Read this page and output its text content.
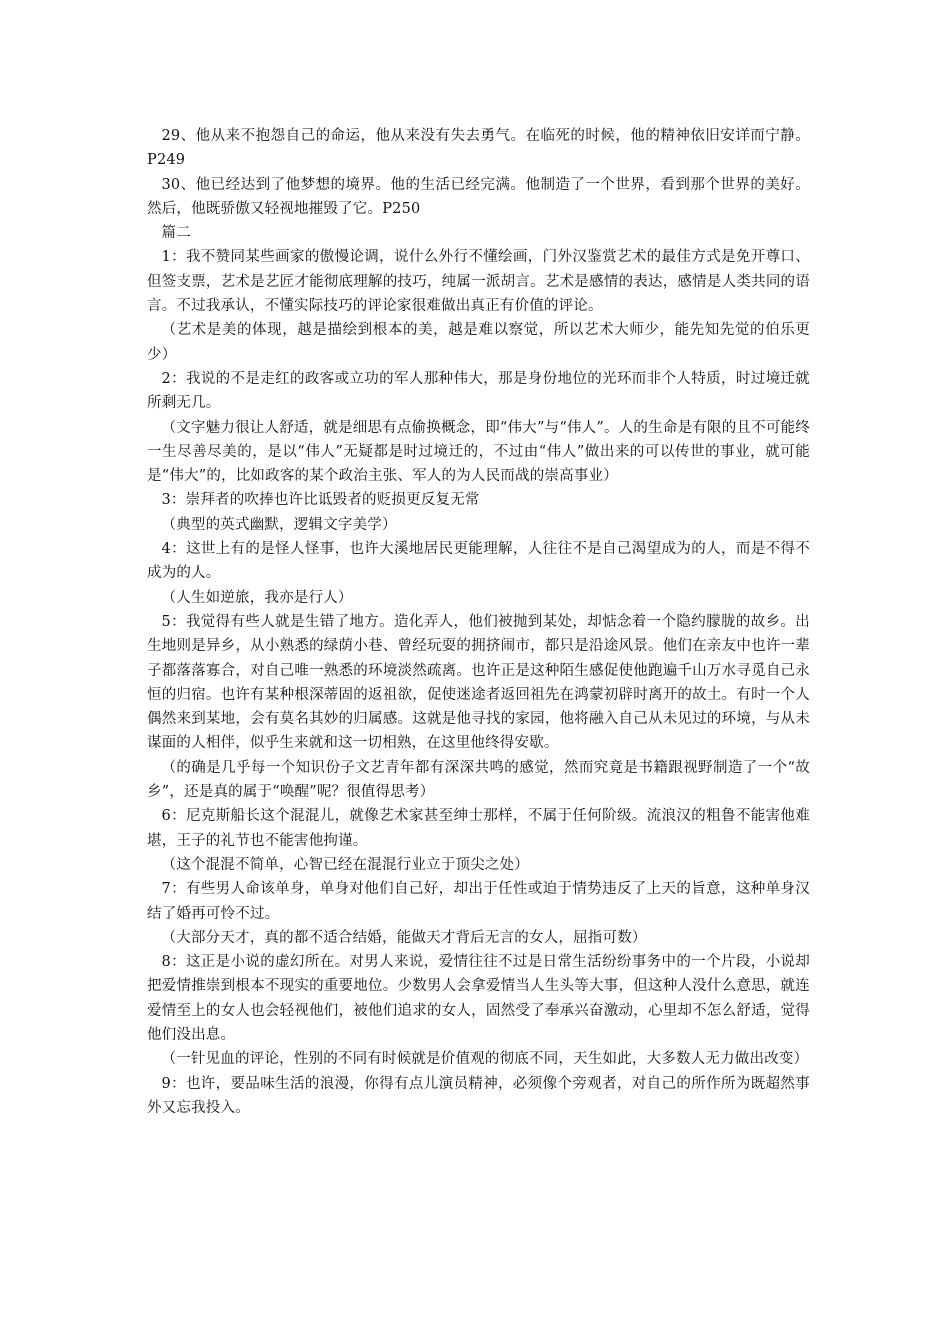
29、他从来不抱怨自己的命运，他从来没有失去勇气。在临死的时候，他的精神依旧安详而宁静。P249

30、他已经达到了他梦想的境界。他的生活已经完满。他制造了一个世界，看到那个世界的美好。然后，他既骄傲又轻视地摧毁了它。P250

篇二

1：我不赞同某些画家的傲慢论调，说什么外行不懂绘画，门外汉鉴赏艺术的最佳方式是免开尊口、但签支票，艺术是艺匠才能彻底理解的技巧，纯属一派胡言。艺术是感情的表达，感情是人类共同的语言。不过我承认，不懂实际技巧的评论家很难做出真正有价值的评论。

（艺术是美的体现，越是描绘到根本的美，越是难以察觉，所以艺术大师少，能先知先觉的伯乐更少）

2：我说的不是走红的政客或立功的军人那种伟大，那是身份地位的光环而非个人特质，时过境迁就所剩无几。

（文字魅力很让人舒适，就是细思有点偷换概念，即“伟大”与“伟人”。人的生命是有限的且不可能终一生尽善尽美的，是以“伟人”无疑都是时过境迁的，不过由“伟人”做出来的可以传世的事业，就可能是“伟大”的，比如政客的某个政治主张、军人的为人民而战的崇高事业）

3：崇拜者的吹捧也许比诋毁者的贬损更反复无常

（典型的英式幽默，逻辑文字美学）

4：这世上有的是怪人怪事，也许大溪地居民更能理解，人往往不是自己渴望成为的人，而是不得不成为的人。

（人生如逆旅，我亦是行人）

5：我觉得有些人就是生错了地方。造化弄人，他们被抛到某处，却惦念着一个隐约朦胧的故乡。出生地则是异乡，从小熟悉的绿荫小巷、曾经玩耍的拥挤闹市，都只是沿途风景。他们在亲友中也许一辈子都落落寡合，对自己唯一熟悉的环境淡然疏离。也许正是这种陌生感促使他跑遍千山万水寻觅自己永恒的归宿。也许有某种根深蒂固的返祖欲，促使迷途者返回祖先在鸿蒙初辟时离开的故土。有时一个人偶然来到某地，会有莫名其妙的归属感。这就是他寻找的家园，他将融入自己从未见过的环境，与从未谋面的人相伴，似乎生来就和这一切相熟，在这里他终得安歇。

（的确是几乎每一个知识份子文艺青年都有深深共鸣的感觉，然而究竟是书籍跟视野制造了一个“故乡”，还是真的属于“唤醒”呢？很值得思考）

6：尼克斯船长这个混混儿，就像艺术家甚至绅士那样，不属于任何阶级。流浪汉的粗鲁不能害他难堪，王子的礼节也不能害他拘谨。

（这个混混不简单，心智已经在混混行业立于顶尖之处）

7：有些男人命该单身，单身对他们自己好，却出于任性或迫于情势违反了上天的旨意，这种单身汉结了婚再可怜不过。

（大部分天才，真的都不适合结婚，能做天才背后无言的女人，屈指可数）

8：这正是小说的虚幻所在。对男人来说，爱情往往不过是日常生活纷纷事务中的一个片段，小说却把爱情推崇到根本不现实的重要地位。少数男人会拿爱情当人生头等大事，但这种人没什么意思，就连爱情至上的女人也会轻视他们，被他们追求的女人，固然受了奉承兴奋激动，心里却不怎么舒适，觉得他们没出息。

（一针见血的评论，性别的不同有时候就是价值观的彻底不同，天生如此，大多数人无力做出改变）

9：也许，要品味生活的浪漫，你得有点儿演员精神，必须像个旁观者，对自己的所作所为既超然事外又忘我投入。
